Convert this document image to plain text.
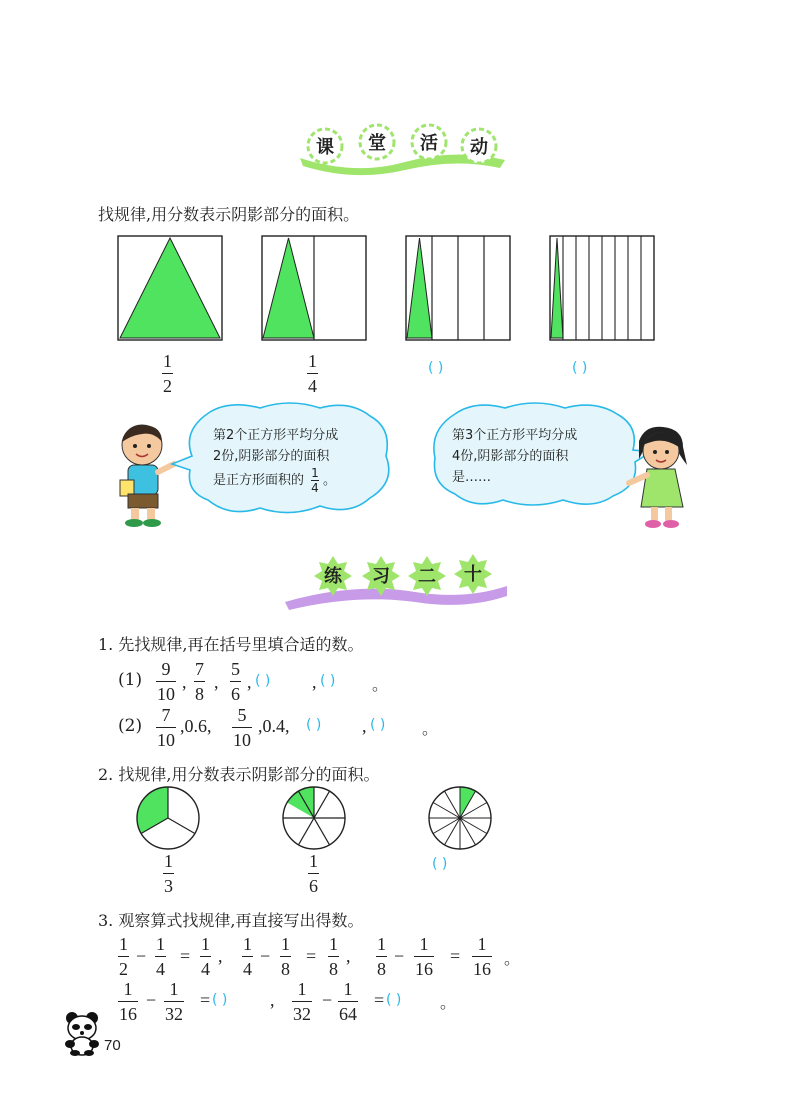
课 堂 活 动
找规律,用分数表示阴影部分的面积。
1
2
1
4
( )	( )
第2个正方形平均分成
2份,阴影部分的面积
是正方形面积的 $\frac{1}{4}$ 。
第3个正方形平均分成
4份,阴影部分的面积
是……
练 习 二 十
1. 先找规律,再在括号里填合适的数。
(1)
9
10
,
7
8
,
5
6
, ( ) , ( ) 。
(2)
7
10
,0.6,
5
10
,0.4, ( ) , ( ) 。
2. 找规律,用分数表示阴影部分的面积。
1
3
1
6
( )
3. 观察算式找规律,再直接写出得数。
1
2
−
1
4
=
1
4
,
1
4
−
1
8
=
1
8
,
1
8
−
1
16
=
1
16 。
1
16
−
1
32
= ( ) ,
1
32
−
1
64
= ( ) 。
70
